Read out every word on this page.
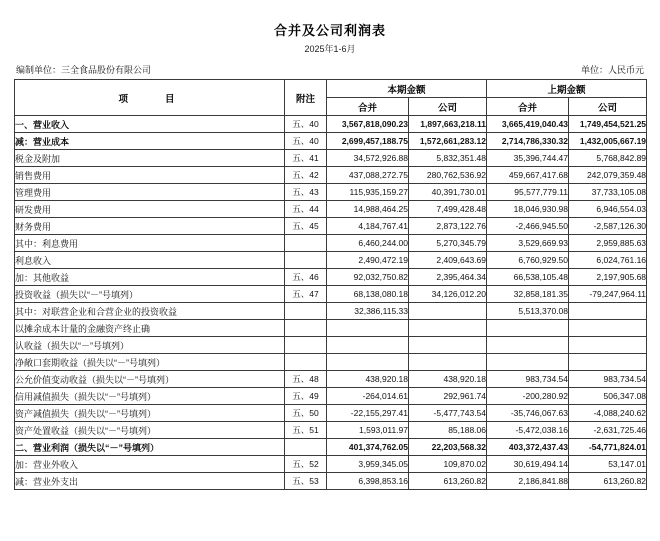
合并及公司利润表
2025年1-6月
编制单位：三全食品股份有限公司	单位：人民币元
项　　目	附注	本期金额		上期金额	
		合并	公司	合并	公司
一、营业收入	五、40	3,567,818,090.23	1,897,663,218.11	3,665,419,040.43	1,749,454,521.25
减：营业成本	五、40	2,699,457,188.75	1,572,661,283.12	2,714,786,330.32	1,432,005,667.19
税金及附加	五、41	34,572,926.88	5,832,351.48	35,396,744.47	5,768,842.89
销售费用	五、42	437,088,272.75	280,762,536.92	459,667,417.68	242,079,359.48
管理费用	五、43	115,935,159.27	40,391,730.01	95,577,779.11	37,733,105.08
研发费用	五、44	14,988,464.25	7,499,428.48	18,046,930.98	6,946,554.03
财务费用	五、45	4,184,767.41	2,873,122.76	-2,466,945.50	-2,587,126.30
其中：利息费用		6,460,244.00	5,270,345.79	3,529,669.93	2,959,885.63
利息收入		2,490,472.19	2,409,643.69	6,760,929.50	6,024,761.16
加：其他收益	五、46	92,032,750.82	2,395,464.34	66,538,105.48	2,197,905.68
投资收益（损失以“－”号填列）	五、47	68,138,080.18	34,126,012.20	32,858,181.35	-79,247,964.11
其中：对联营企业和合营企业的投资收益		32,386,115.33		5,513,370.08	
以摊余成本计量的金融资产终止确					
认收益（损失以“－”号填列）					
净敞口套期收益（损失以“－”号填列）					
公允价值变动收益（损失以“－”号填列）	五、48	438,920.18	438,920.18	983,734.54	983,734.54
信用减值损失（损失以“－”号填列）	五、49	-264,014.61	292,961.74	-200,280.92	506,347.08
资产减值损失（损失以“－”号填列）	五、50	-22,155,297.41	-5,477,743.54	-35,746,067.63	-4,088,240.62
资产处置收益（损失以“－”号填列）	五、51	1,593,011.97	85,188.06	-5,472,038.16	-2,631,725.46
二、营业利润（损失以“－”号填列）		401,374,762.05	22,203,568.32	403,372,437.43	-54,771,824.01
加：营业外收入	五、52	3,959,345.05	109,870.02	30,619,494.14	53,147.01
减：营业外支出	五、53	6,398,853.16	613,260.82	2,186,841.88	613,260.82
